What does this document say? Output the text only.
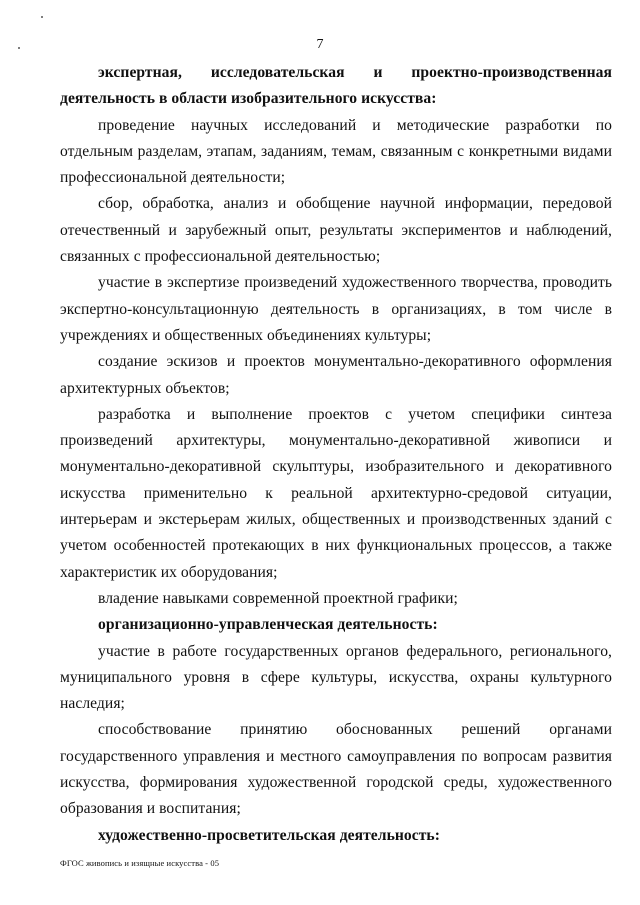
7

экспертная, исследовательская и проектно-производственная деятельность в области изобразительного искусства:

проведение научных исследований и методические разработки по отдельным разделам, этапам, заданиям, темам, связанным с конкретными видами профессиональной деятельности;

сбор, обработка, анализ и обобщение научной информации, передовой отечественный и зарубежный опыт, результаты экспериментов и наблюдений, связанных с профессиональной деятельностью;

участие в экспертизе произведений художественного творчества, проводить экспертно-консультационную деятельность в организациях, в том числе в учреждениях и общественных объединениях культуры;

создание эскизов и проектов монументально-декоративного оформления архитектурных объектов;

разработка и выполнение проектов с учетом специфики синтеза произведений архитектуры, монументально-декоративной живописи и монументально-декоративной скульптуры, изобразительного и декоративного искусства применительно к реальной архитектурно-средовой ситуации, интерьерам и экстерьерам жилых, общественных и производственных зданий с учетом особенностей протекающих в них функциональных процессов, а также характеристик их оборудования;

владение навыками современной проектной графики;

организационно-управленческая деятельность:

участие в работе государственных органов федерального, регионального, муниципального уровня в сфере культуры, искусства, охраны культурного наследия;

способствование принятию обоснованных решений органами государственного управления и местного самоуправления по вопросам развития искусства, формирования художественной городской среды, художественного образования и воспитания;

художественно-просветительская деятельность:

ФГОС живопись и изящные искусства - 05
